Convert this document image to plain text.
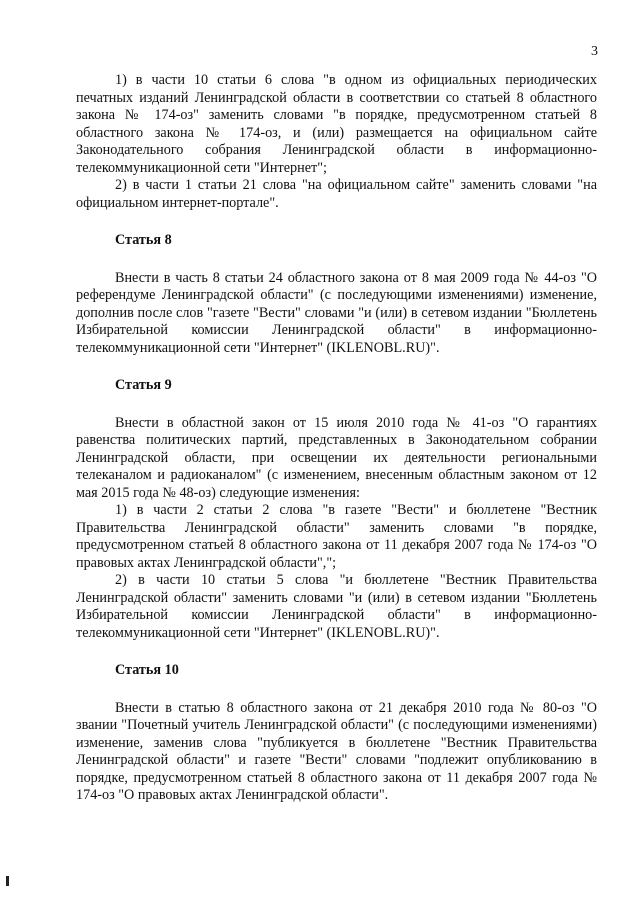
3

1) в части 10 статьи 6 слова "в одном из официальных периодических печатных изданий Ленинградской области в соответствии со статьей 8 областного закона № 174-оз" заменить словами "в порядке, предусмотренном статьей 8 областного закона № 174-оз, и (или) размещается на официальном сайте Законодательного собрания Ленинградской области в информационно-телекоммуникационной сети "Интернет";

2) в части 1 статьи 21 слова "на официальном сайте" заменить словами "на официальном интернет-портале".

Статья 8

Внести в часть 8 статьи 24 областного закона от 8 мая 2009 года № 44-оз "О референдуме Ленинградской области" (с последующими изменениями) изменение, дополнив после слов "газете "Вести" словами "и (или) в сетевом издании "Бюллетень Избирательной комиссии Ленинградской области" в информационно-телекоммуникационной сети "Интернет" (IKLENOBL.RU)".

Статья 9

Внести в областной закон от 15 июля 2010 года № 41-оз "О гарантиях равенства политических партий, представленных в Законодательном собрании Ленинградской области, при освещении их деятельности региональными телеканалом и радиоканалом" (с изменением, внесенным областным законом от 12 мая 2015 года № 48-оз) следующие изменения:

1) в части 2 статьи 2 слова "в газете "Вести" и бюллетене "Вестник Правительства Ленинградской области" заменить словами "в порядке, предусмотренном статьей 8 областного закона от 11 декабря 2007 года № 174-оз "О правовых актах Ленинградской области",";

2) в части 10 статьи 5 слова "и бюллетене "Вестник Правительства Ленинградской области" заменить словами "и (или) в сетевом издании "Бюллетень Избирательной комиссии Ленинградской области" в информационно-телекоммуникационной сети "Интернет" (IKLENOBL.RU)".

Статья 10

Внести в статью 8 областного закона от 21 декабря 2010 года № 80-оз "О звании "Почетный учитель Ленинградской области" (с последующими изменениями) изменение, заменив слова "публикуется в бюллетене "Вестник Правительства Ленинградской области" и газете "Вести" словами "подлежит опубликованию в порядке, предусмотренном статьей 8 областного закона от 11 декабря 2007 года № 174-оз "О правовых актах Ленинградской области".
